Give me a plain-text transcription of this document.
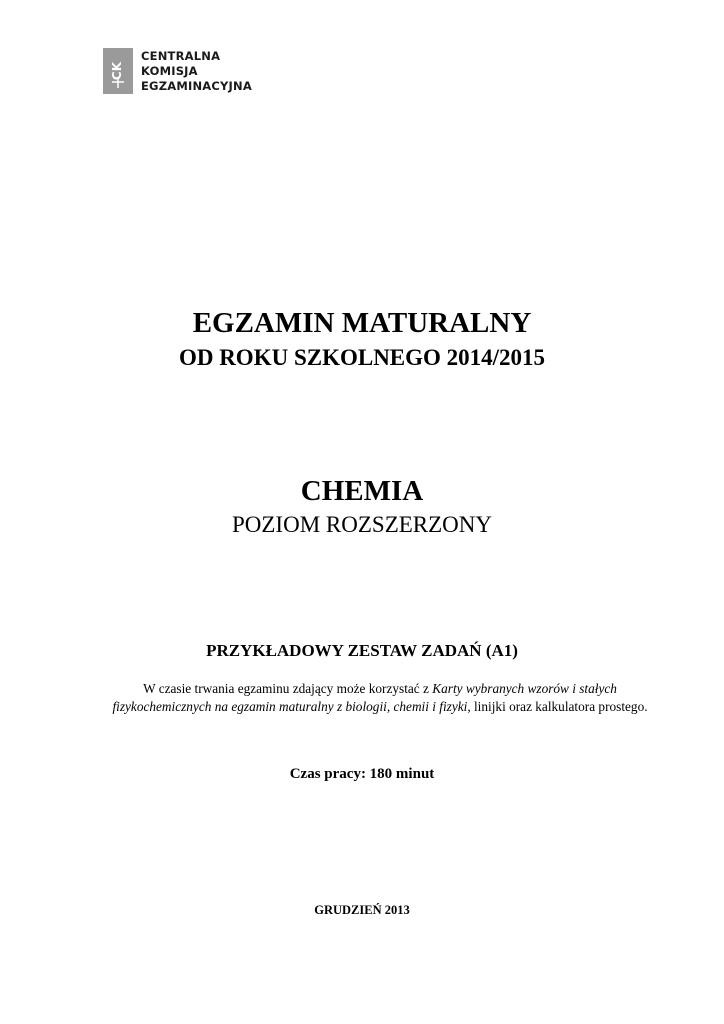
CK
CENTRALNA
KOMISJA
EGZAMINACYJNA
EGZAMIN MATURALNY
OD ROKU SZKOLNEGO 2014/2015
CHEMIA
POZIOM ROZSZERZONY
PRZYKŁADOWY ZESTAW ZADAŃ (A1)
W czasie trwania egzaminu zdający może korzystać z Karty wybranych wzorów i stałych fizykochemicznych na egzamin maturalny z biologii, chemii i fizyki, linijki oraz kalkulatora prostego.
Czas pracy: 180 minut
GRUDZIEŃ 2013
